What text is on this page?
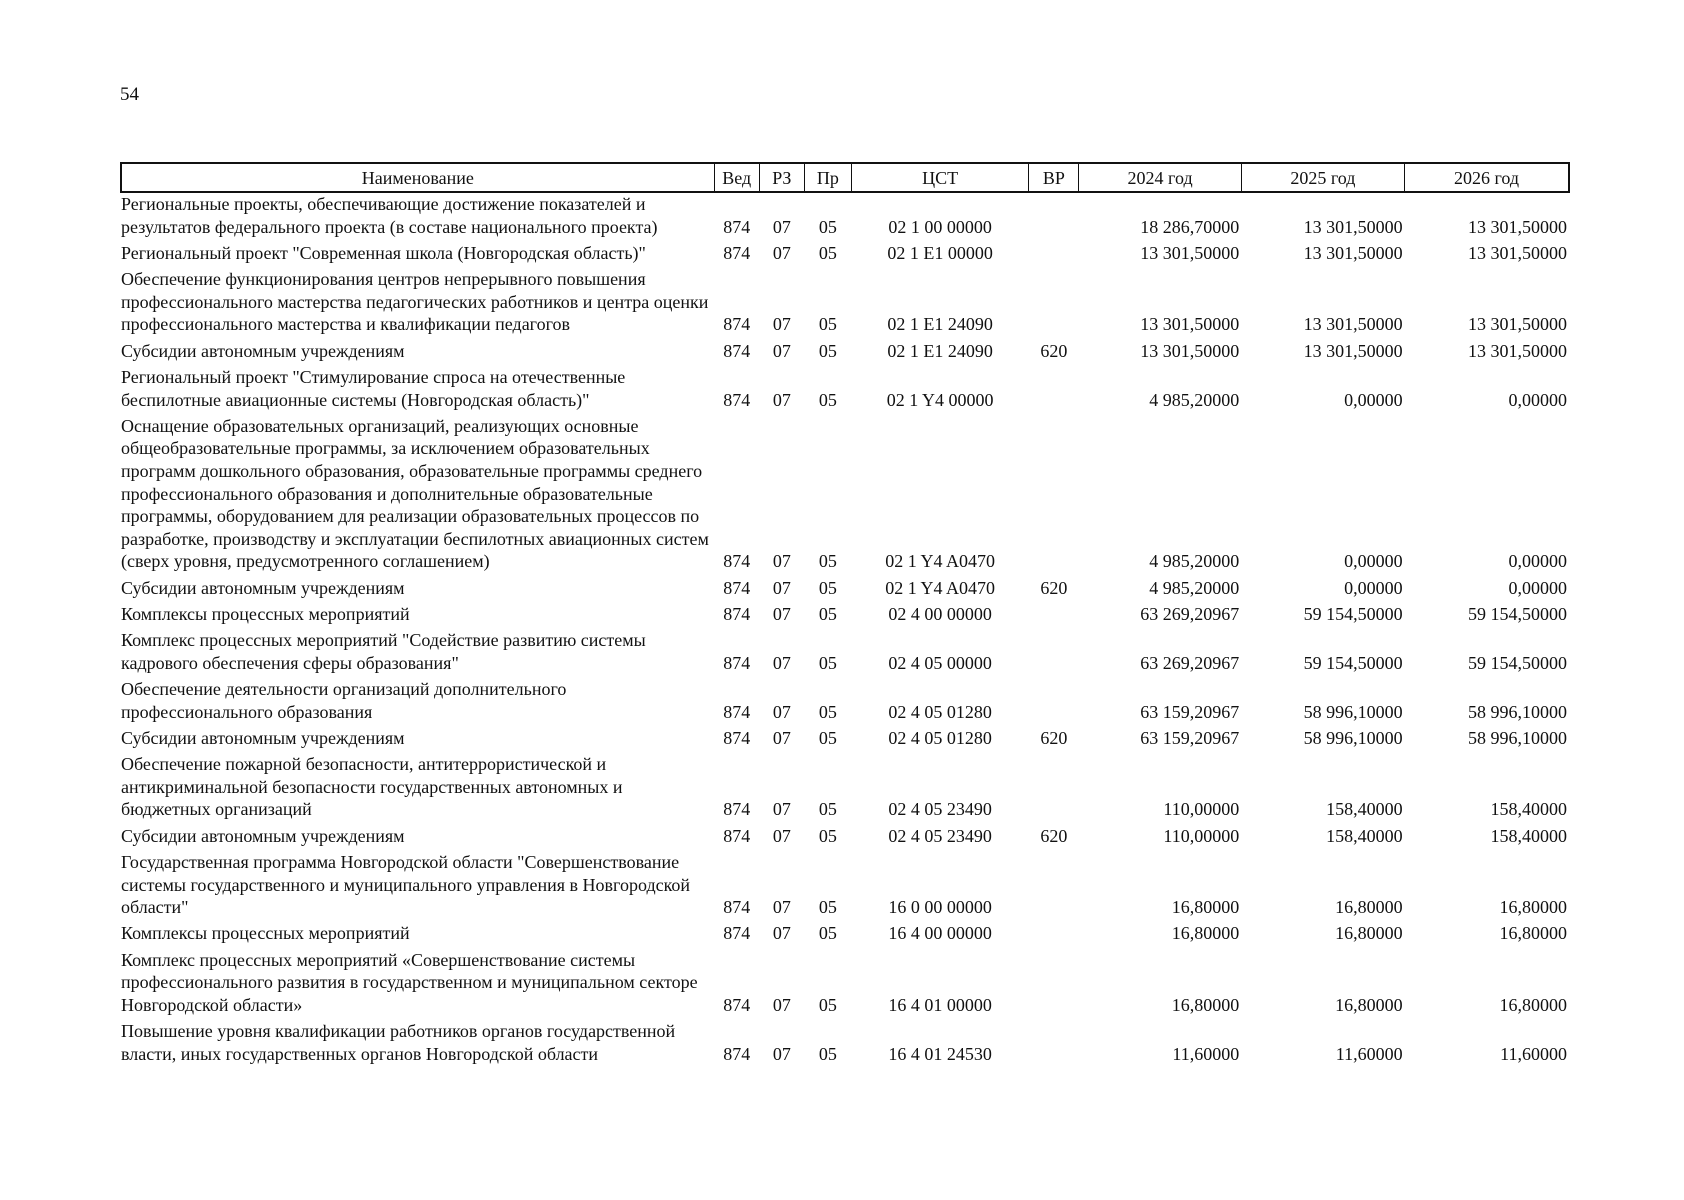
54
Наименование	Вед	РЗ	Пр	ЦСТ	ВР	2024 год	2025 год	2026 год
Региональные проекты, обеспечивающие достижение показателей и результатов федерального проекта (в составе национального проекта)	874	07	05	02 1 00 00000		18 286,70000	13 301,50000	13 301,50000
Региональный проект "Современная школа (Новгородская область)"	874	07	05	02 1 E1 00000		13 301,50000	13 301,50000	13 301,50000
Обеспечение функционирования центров непрерывного повышения профессионального мастерства педагогических работников и центра оценки профессионального мастерства и квалификации педагогов	874	07	05	02 1 E1 24090		13 301,50000	13 301,50000	13 301,50000
Субсидии автономным учреждениям	874	07	05	02 1 E1 24090	620	13 301,50000	13 301,50000	13 301,50000
Региональный проект "Стимулирование спроса на отечественные беспилотные авиационные системы (Новгородская область)"	874	07	05	02 1 Y4 00000		4 985,20000	0,00000	0,00000
Оснащение образовательных организаций, реализующих основные общеобразовательные программы, за исключением образовательных программ дошкольного образования, образовательные программы среднего профессионального образования и дополнительные образовательные программы, оборудованием для реализации образовательных процессов по разработке, производству и эксплуатации беспилотных авиационных систем (сверх уровня, предусмотренного соглашением)	874	07	05	02 1 Y4 A0470		4 985,20000	0,00000	0,00000
Субсидии автономным учреждениям	874	07	05	02 1 Y4 A0470	620	4 985,20000	0,00000	0,00000
Комплексы процессных мероприятий	874	07	05	02 4 00 00000		63 269,20967	59 154,50000	59 154,50000
Комплекс процессных мероприятий "Содействие развитию системы кадрового обеспечения сферы образования"	874	07	05	02 4 05 00000		63 269,20967	59 154,50000	59 154,50000
Обеспечение деятельности организаций дополнительного профессионального образования	874	07	05	02 4 05 01280		63 159,20967	58 996,10000	58 996,10000
Субсидии автономным учреждениям	874	07	05	02 4 05 01280	620	63 159,20967	58 996,10000	58 996,10000
Обеспечение пожарной безопасности, антитеррористической и антикриминальной безопасности государственных автономных и бюджетных организаций	874	07	05	02 4 05 23490		110,00000	158,40000	158,40000
Субсидии автономным учреждениям	874	07	05	02 4 05 23490	620	110,00000	158,40000	158,40000
Государственная программа Новгородской области "Совершенствование системы государственного и муниципального управления в Новгородской области"	874	07	05	16 0 00 00000		16,80000	16,80000	16,80000
Комплексы процессных мероприятий	874	07	05	16 4 00 00000		16,80000	16,80000	16,80000
Комплекс процессных мероприятий «Совершенствование системы профессионального развития в государственном и муниципальном секторе Новгородской области»	874	07	05	16 4 01 00000		16,80000	16,80000	16,80000
Повышение уровня квалификации работников органов государственной власти, иных государственных органов Новгородской области	874	07	05	16 4 01 24530		11,60000	11,60000	11,60000
